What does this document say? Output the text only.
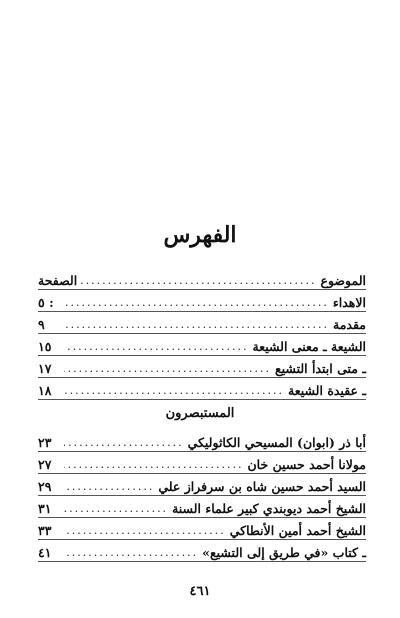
الفهرس
الموضوع
.....
الصفحة
الاهداء
.....
: ٥
مقدمة
.....
٩
الشيعة ـ معنى الشيعة
.....
١٥
ـ متى ابتدأ التشيع
.....
١٧
ـ عقيدة الشيعة
.....
١٨
المستبصرون
أبا ذر (ابوان) المسيحي الكاثوليكي
.....
٢٣
مولانا أحمد حسين خان
.....
٢٧
السيد أحمد حسين شاه بن سرفراز علي
.....
٢٩
الشيخ أحمد ديوبندي كبير علماء السنة
.....
٣١
الشيخ أحمد أمين الأنطاكي
.....
٣٣
ـ كتاب «في طريق إلى التشيع»
.....
٤١
٤٦١
